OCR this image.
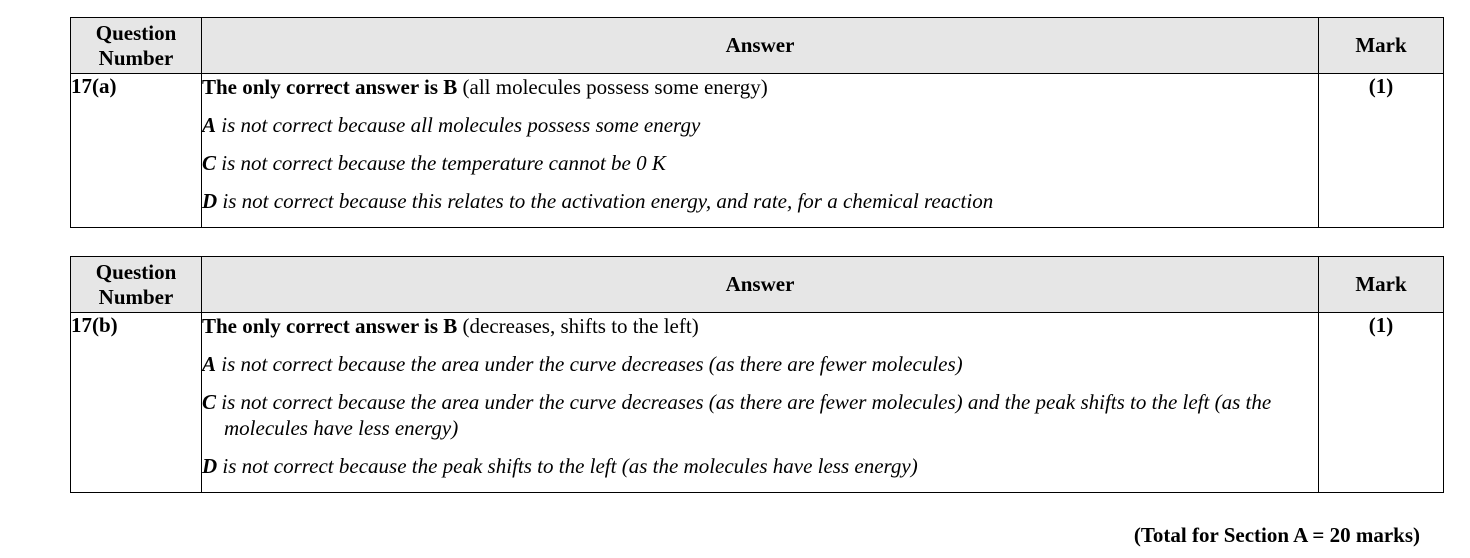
Question Number	Answer	Mark
17(a)	The only correct answer is B (all molecules possess some energy)
A is not correct because all molecules possess some energy
C is not correct because the temperature cannot be 0 K
D is not correct because this relates to the activation energy, and rate, for a chemical reaction	(1)
Question Number	Answer	Mark
17(b)	The only correct answer is B (decreases, shifts to the left)
A is not correct because the area under the curve decreases (as there are fewer molecules)
C is not correct because the area under the curve decreases (as there are fewer molecules) and the peak shifts to the left (as the molecules have less energy)
D is not correct because the peak shifts to the left (as the molecules have less energy)	(1)
(Total for Section A = 20 marks)
